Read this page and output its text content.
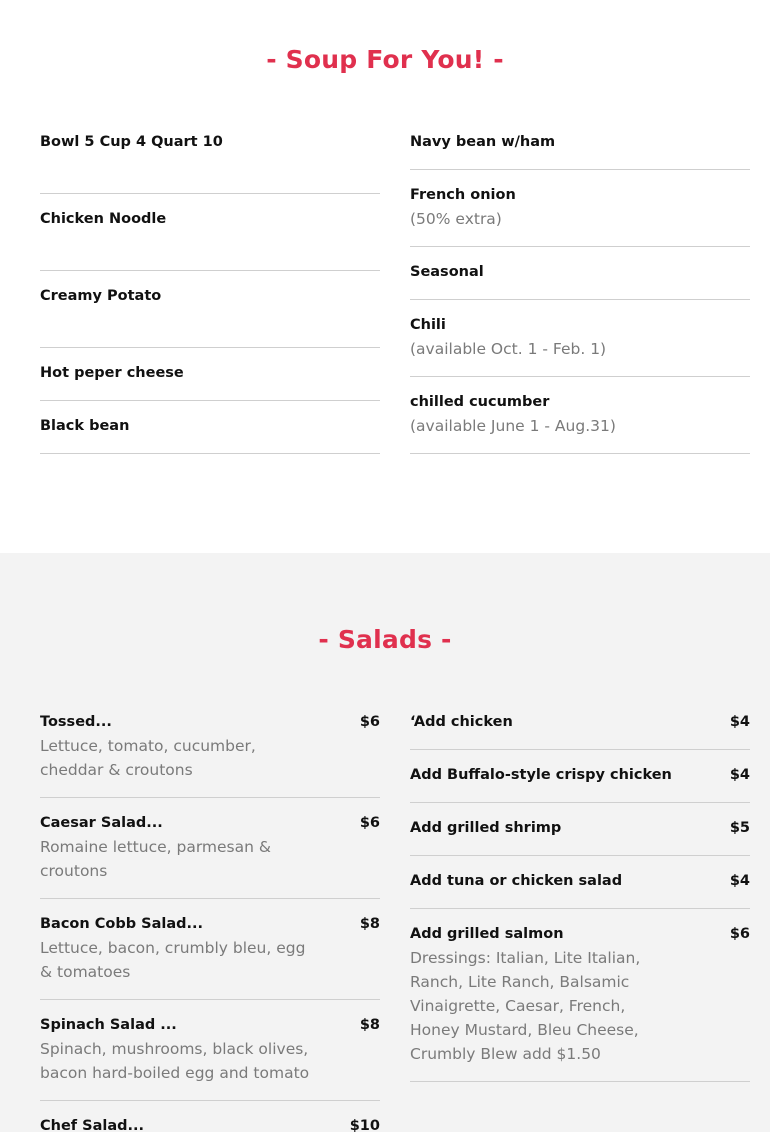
- Soup For You! -
Bowl 5 Cup 4 Quart 10
Chicken Noodle
Creamy Potato
Hot peper cheese
Black bean
Navy bean w/ham
French onion
(50% extra)
Seasonal
Chili
(available Oct. 1 - Feb. 1)
chilled cucumber
(available June 1 - Aug.31)
- Salads -
Tossed...	$6
Lettuce, tomato, cucumber, cheddar & croutons
Caesar Salad...	$6
Romaine lettuce, parmesan & croutons
Bacon Cobb Salad...	$8
Lettuce, bacon, crumbly bleu, egg & tomatoes
Spinach Salad ...	$8
Spinach, mushrooms, black olives, bacon hard-boiled egg and tomato
Chef Salad...	$10
‘Add chicken	$4
Add Buffalo-style crispy chicken	$4
Add grilled shrimp	$5
Add tuna or chicken salad	$4
Add grilled salmon	$6
Dressings: Italian, Lite Italian, Ranch, Lite Ranch, Balsamic Vinaigrette, Caesar, French, Honey Mustard, Bleu Cheese, Crumbly Blew add $1.50
